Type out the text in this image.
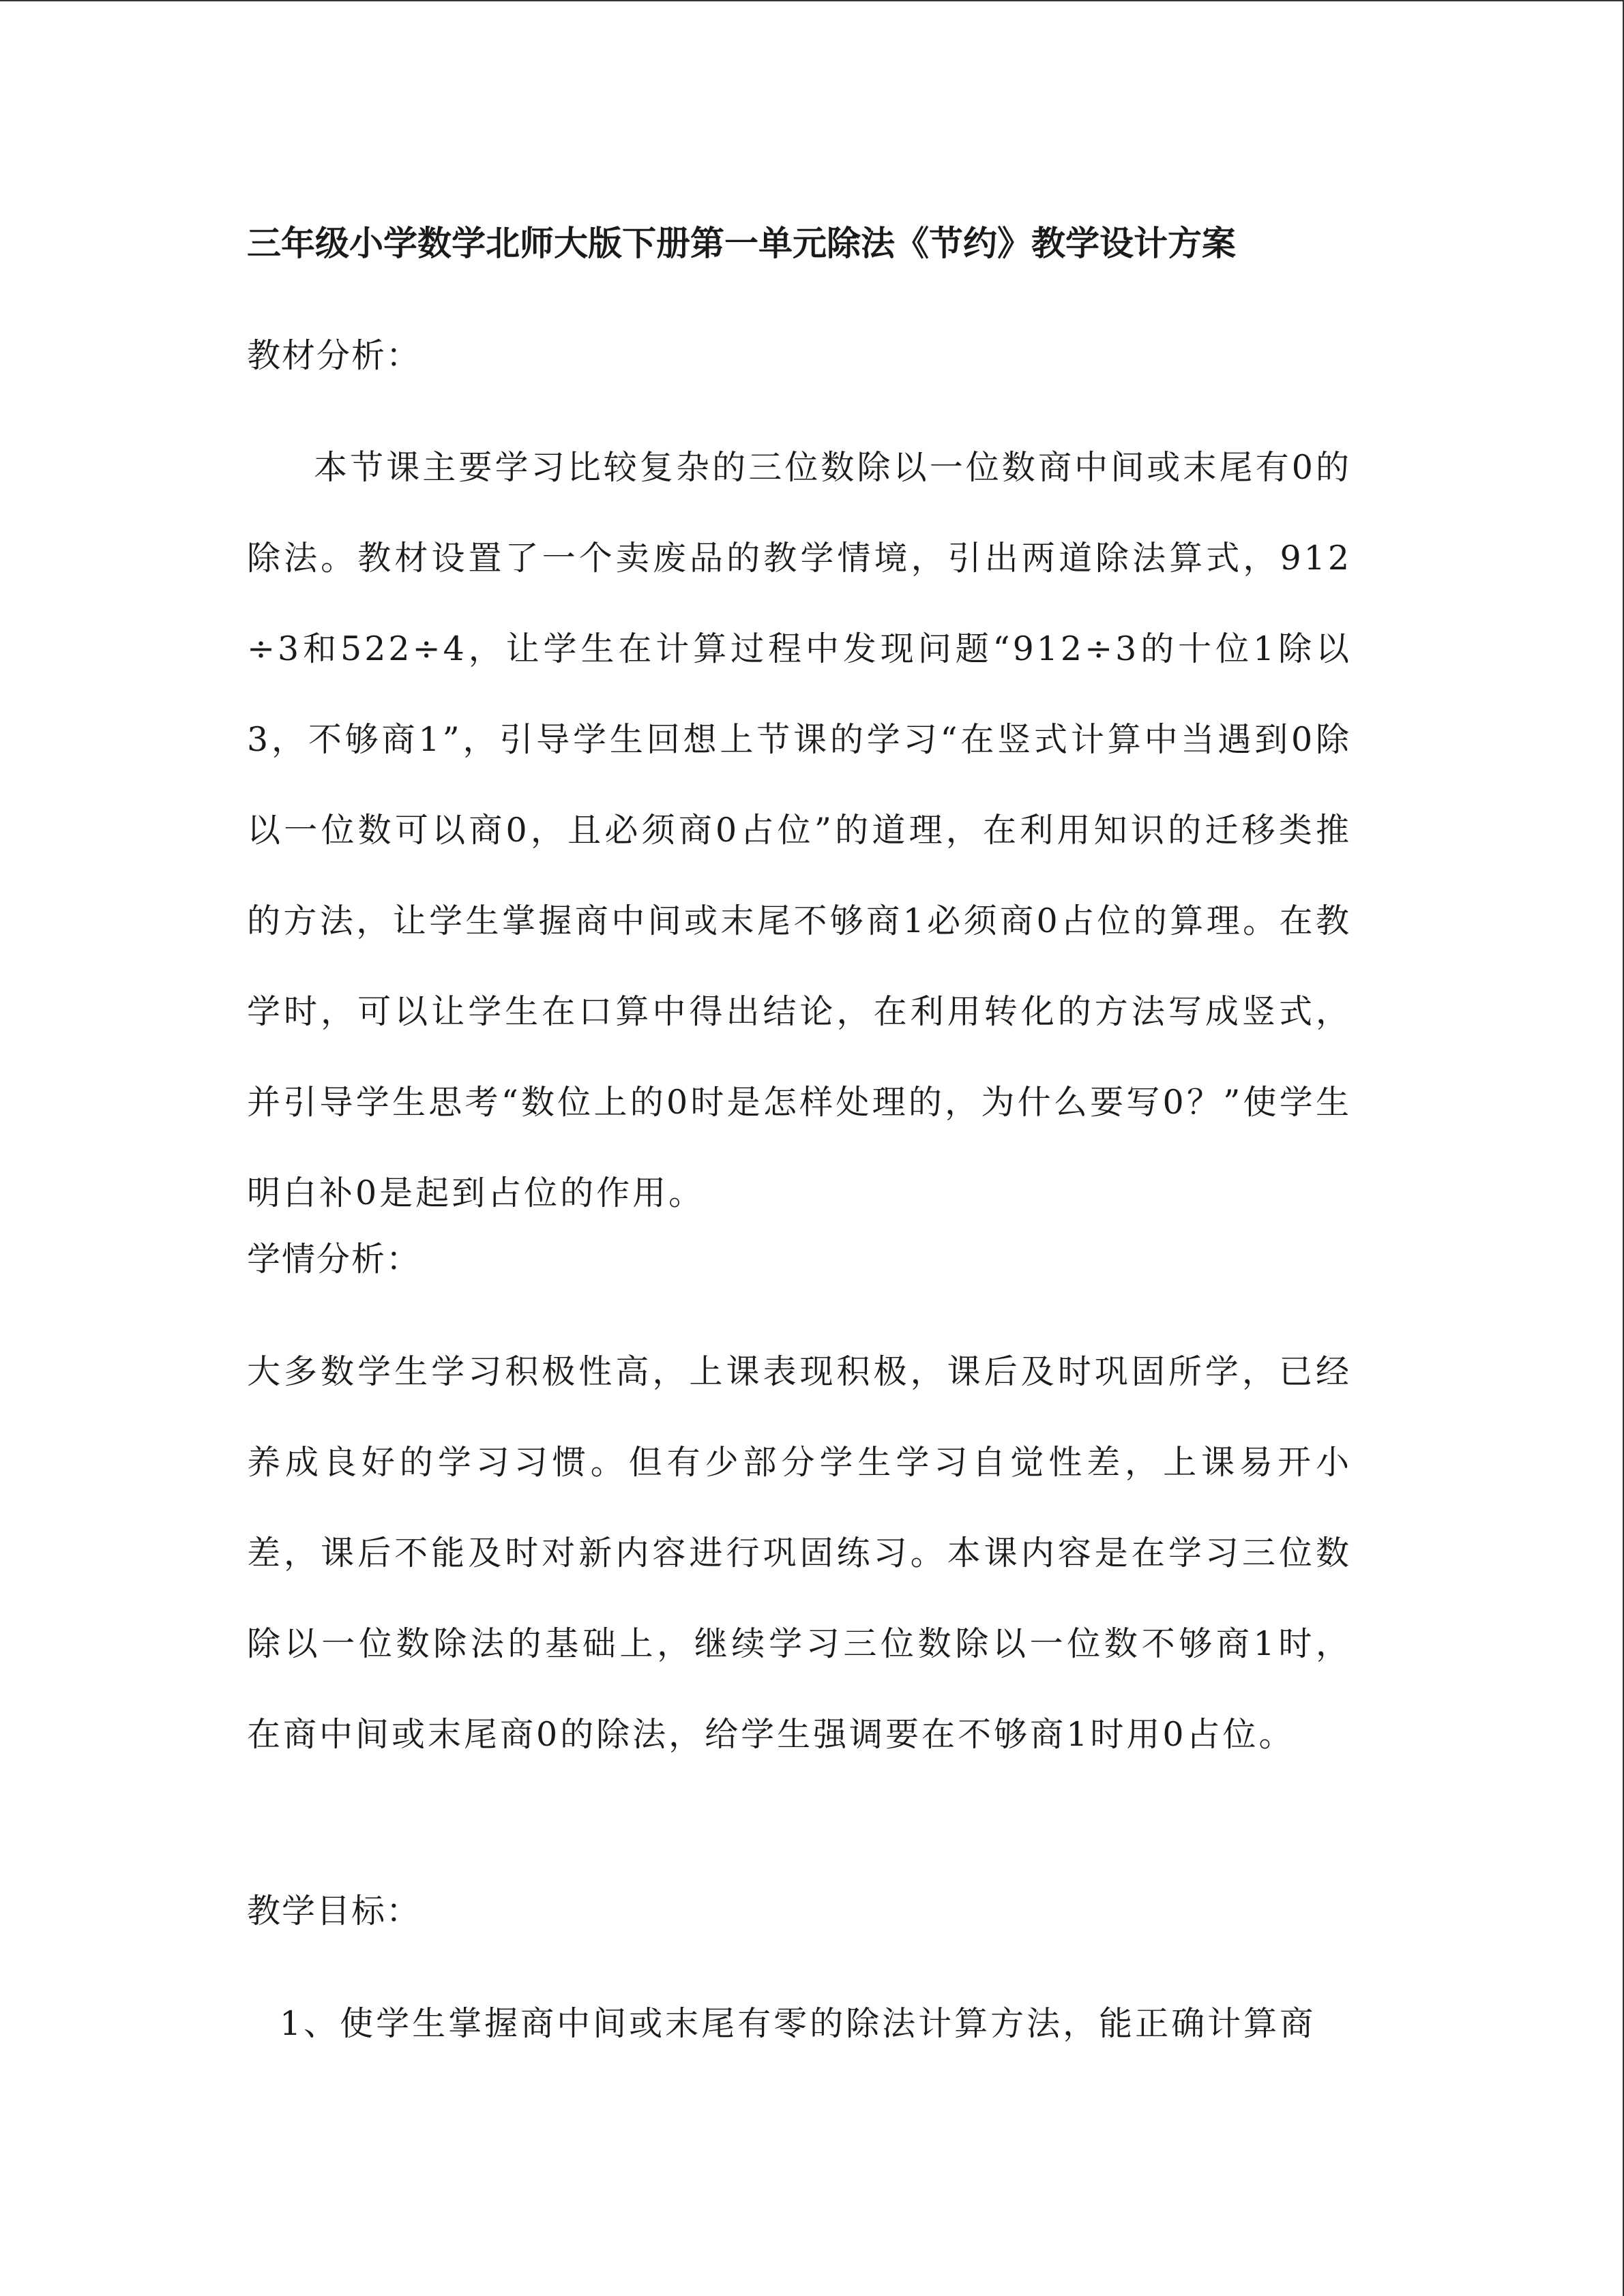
三年级小学数学北师大版下册第一单元除法《节约》教学设计方案
教材分析：
本节课主要学习比较复杂的三位数除以一位数商中间或末尾有0的除法。教材设置了一个卖废品的教学情境，引出两道除法算式，912÷3和522÷4，让学生在计算过程中发现问题“912÷3的十位1除以3，不够商1”，引导学生回想上节课的学习“在竖式计算中当遇到0除以一位数可以商0，且必须商0占位”的道理，在利用知识的迁移类推的方法，让学生掌握商中间或末尾不够商1必须商0占位的算理。在教学时，可以让学生在口算中得出结论，在利用转化的方法写成竖式，并引导学生思考“数位上的0时是怎样处理的，为什么要写0？”使学生明白补0是起到占位的作用。
学情分析：
大多数学生学习积极性高，上课表现积极，课后及时巩固所学，已经养成良好的学习习惯。但有少部分学生学习自觉性差，上课易开小差，课后不能及时对新内容进行巩固练习。本课内容是在学习三位数除以一位数除法的基础上，继续学习三位数除以一位数不够商1时，在商中间或末尾商0的除法，给学生强调要在不够商1时用0占位。
教学目标：
1、使学生掌握商中间或末尾有零的除法计算方法，能正确计算商
